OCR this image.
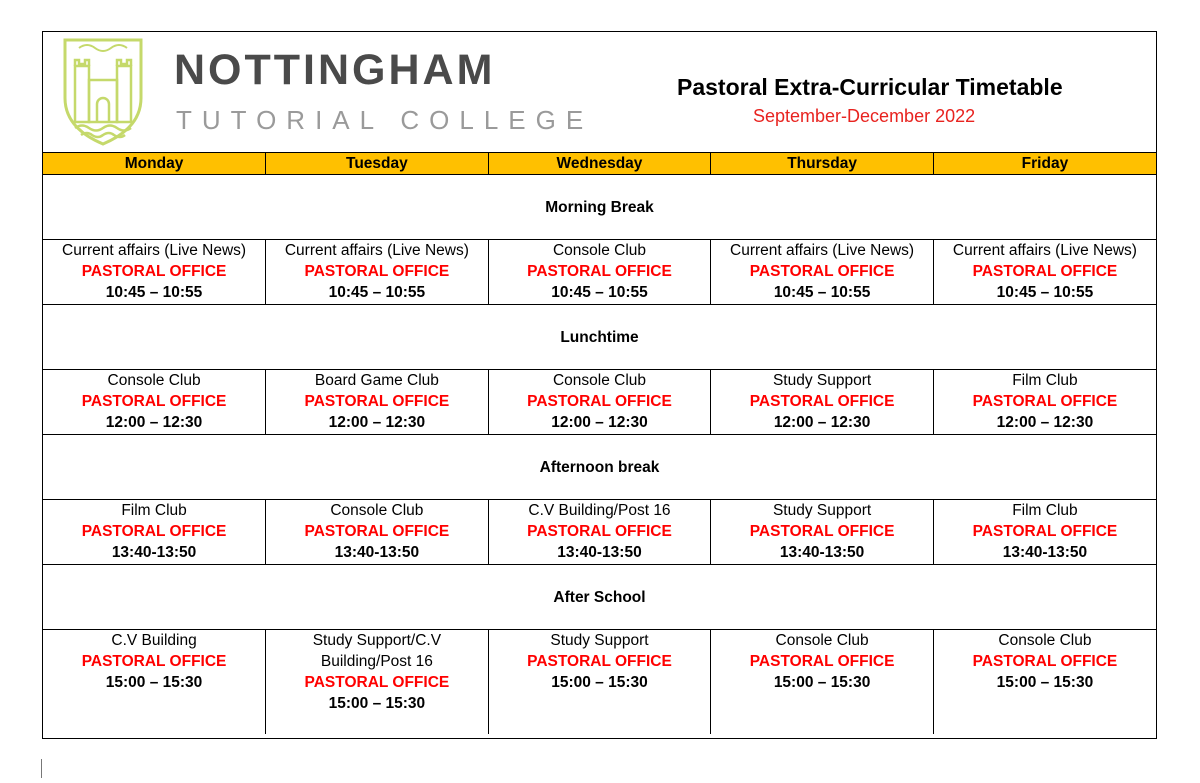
NOTTINGHAM
TUTORIAL COLLEGE
Pastoral Extra-Curricular Timetable
September-December 2022
Monday	Tuesday	Wednesday	Thursday	Friday
Morning Break				

Current affairs (Live News)
PASTORAL OFFICE
10:45 – 10:55	Current affairs (Live News)
PASTORAL OFFICE
10:45 – 10:55	Console Club
PASTORAL OFFICE
10:45 – 10:55	Current affairs (Live News)
PASTORAL OFFICE
10:45 – 10:55	Current affairs (Live News)
PASTORAL OFFICE
10:45 – 10:55

Lunchtime				

Console Club
PASTORAL OFFICE
12:00 – 12:30	Board Game Club
PASTORAL OFFICE
12:00 – 12:30	Console Club
PASTORAL OFFICE
12:00 – 12:30	Study Support
PASTORAL OFFICE
12:00 – 12:30	Film Club
PASTORAL OFFICE
12:00 – 12:30

Afternoon break				

Film Club
PASTORAL OFFICE
13:40-13:50	Console Club
PASTORAL OFFICE
13:40-13:50	C.V Building/Post 16
PASTORAL OFFICE
13:40-13:50	Study Support
PASTORAL OFFICE
13:40-13:50	Film Club
PASTORAL OFFICE
13:40-13:50

After School				

C.V Building
PASTORAL OFFICE
15:00 – 15:30	Study Support/C.V Building/Post 16
PASTORAL OFFICE
15:00 – 15:30	Study Support
PASTORAL OFFICE
15:00 – 15:30	Console Club
PASTORAL OFFICE
15:00 – 15:30	Console Club
PASTORAL OFFICE
15:00 – 15:30
